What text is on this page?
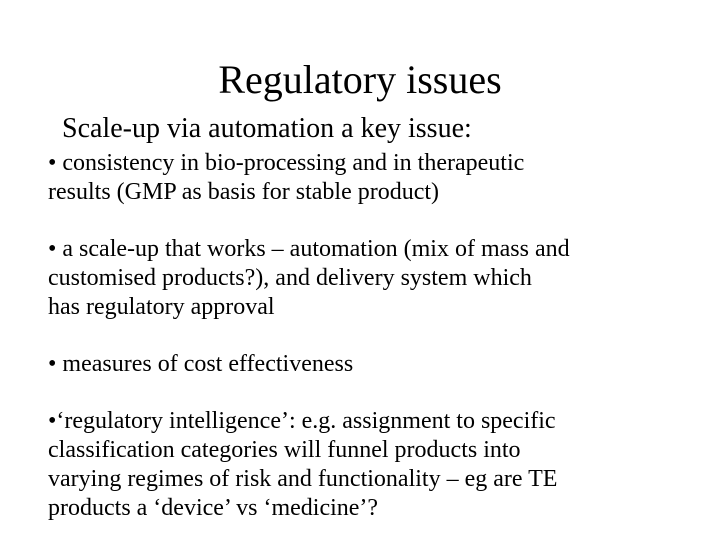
Regulatory issues
Scale-up via automation a key issue:
• consistency in bio-processing and in therapeutic
results (GMP as basis for stable product)
• a scale-up that works – automation (mix of mass and
customised products?), and delivery system which
has regulatory approval
• measures of cost effectiveness
•‘regulatory intelligence’: e.g. assignment to specific
classification categories will funnel products into
varying regimes of risk and functionality – eg are TE
products a ‘device’ vs ‘medicine’?
